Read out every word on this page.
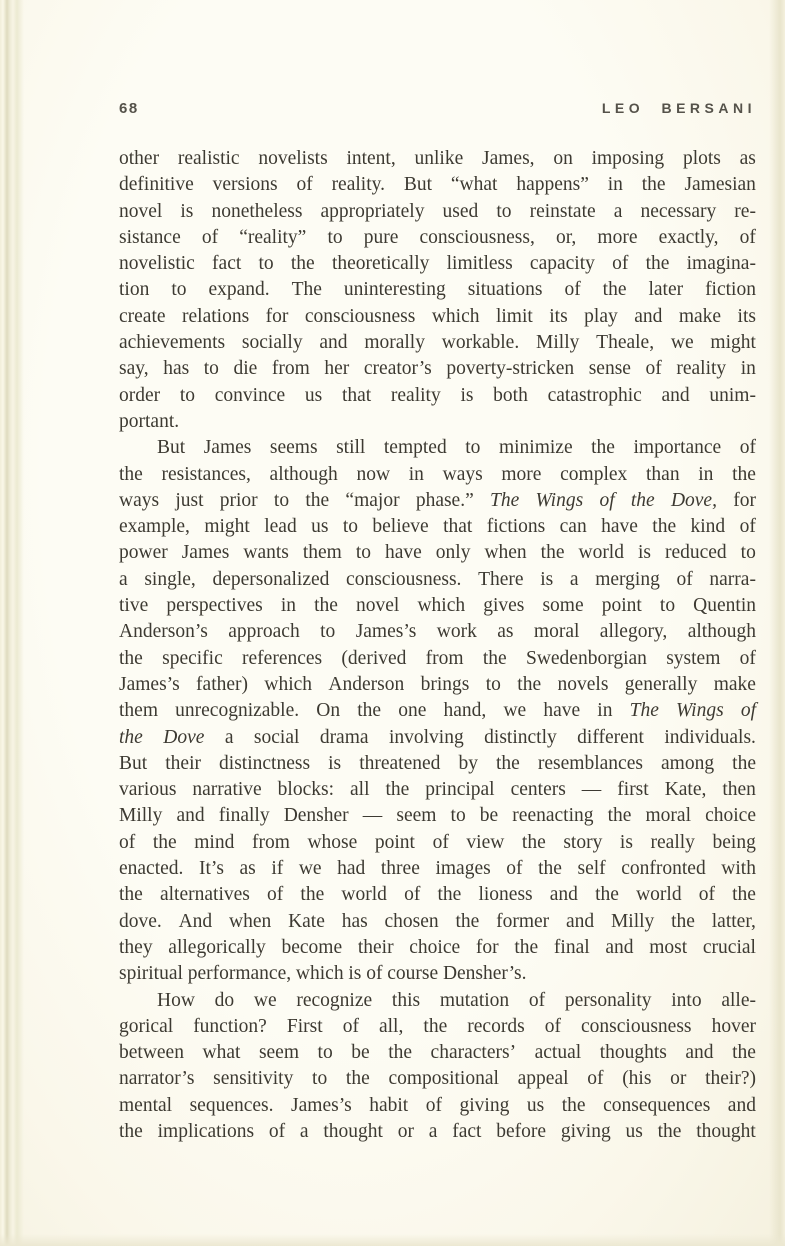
68	LEO BERSANI
other realistic novelists intent, unlike James, on imposing plots as
definitive versions of reality. But “what happens” in the Jamesian
novel is nonetheless appropriately used to reinstate a necessary re-
sistance of “reality” to pure consciousness, or, more exactly, of
novelistic fact to the theoretically limitless capacity of the imagina-
tion to expand. The uninteresting situations of the later fiction
create relations for consciousness which limit its play and make its
achievements socially and morally workable. Milly Theale, we might
say, has to die from her creator’s poverty-stricken sense of reality in
order to convince us that reality is both catastrophic and unim-
portant.
But James seems still tempted to minimize the importance of
the resistances, although now in ways more complex than in the
ways just prior to the “major phase.” The Wings of the Dove, for
example, might lead us to believe that fictions can have the kind of
power James wants them to have only when the world is reduced to
a single, depersonalized consciousness. There is a merging of narra-
tive perspectives in the novel which gives some point to Quentin
Anderson’s approach to James’s work as moral allegory, although
the specific references (derived from the Swedenborgian system of
James’s father) which Anderson brings to the novels generally make
them unrecognizable. On the one hand, we have in The Wings of
the Dove a social drama involving distinctly different individuals.
But their distinctness is threatened by the resemblances among the
various narrative blocks: all the principal centers — first Kate, then
Milly and finally Densher — seem to be reenacting the moral choice
of the mind from whose point of view the story is really being
enacted. It’s as if we had three images of the self confronted with
the alternatives of the world of the lioness and the world of the
dove. And when Kate has chosen the former and Milly the latter,
they allegorically become their choice for the final and most crucial
spiritual performance, which is of course Densher’s.
How do we recognize this mutation of personality into alle-
gorical function? First of all, the records of consciousness hover
between what seem to be the characters’ actual thoughts and the
narrator’s sensitivity to the compositional appeal of (his or their?)
mental sequences. James’s habit of giving us the consequences and
the implications of a thought or a fact before giving us the thought
